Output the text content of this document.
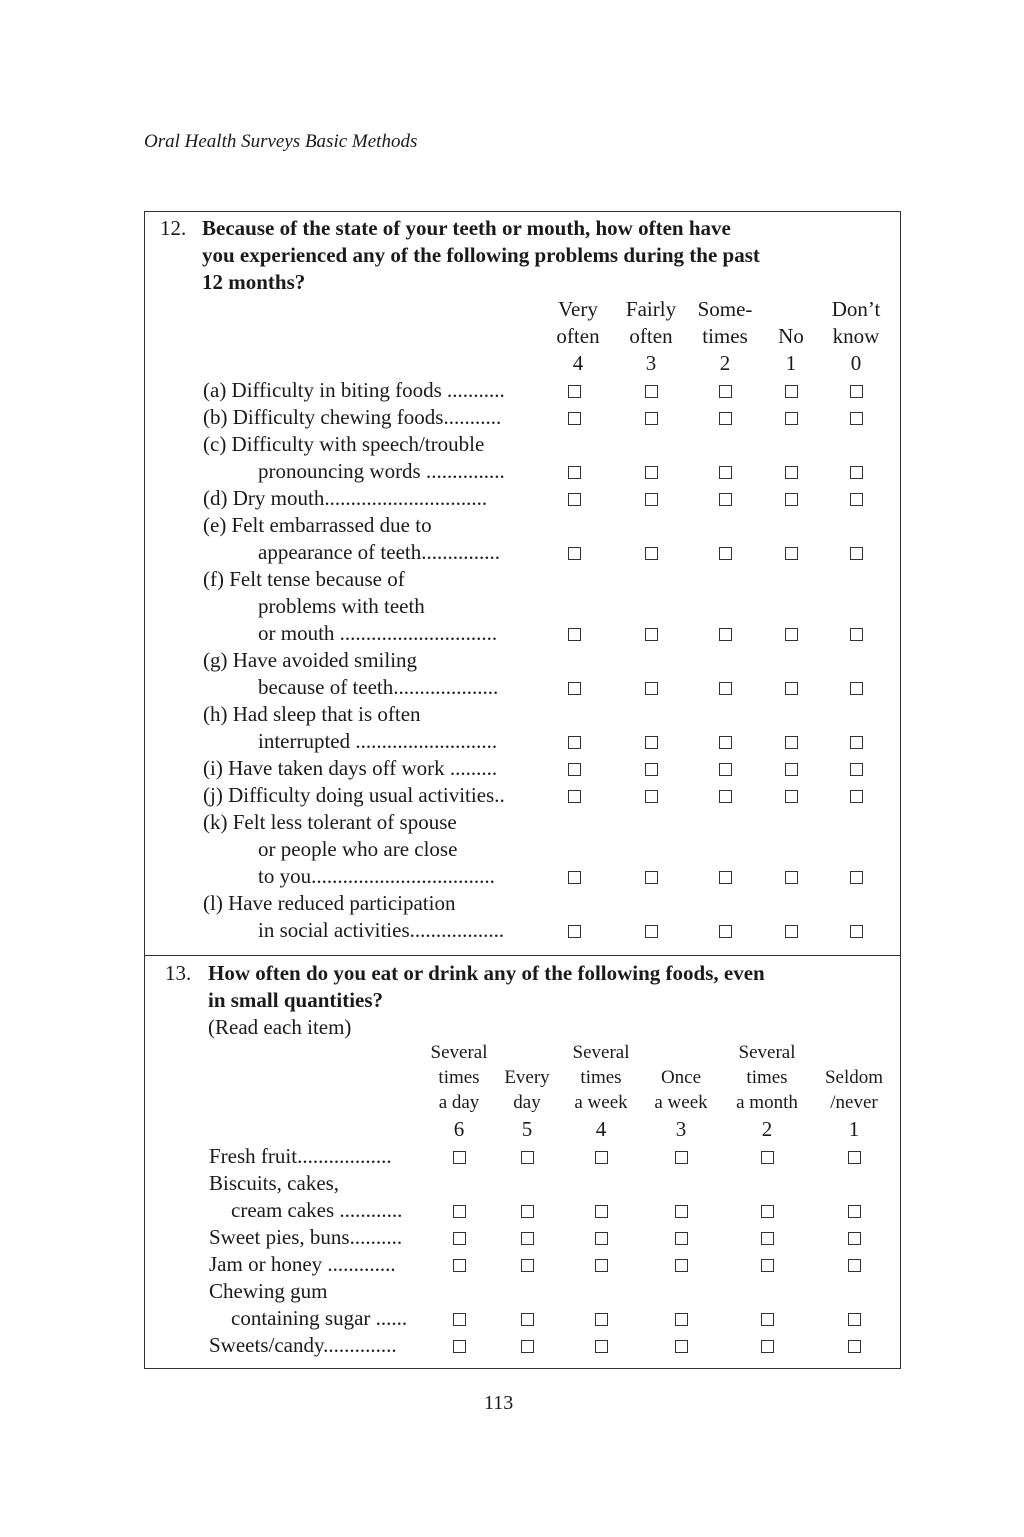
Oral Health Surveys Basic Methods
12. Because of the state of your teeth or mouth, how often have
you experienced any of the following problems during the past
12 months?
Very
often
4
Fairly
often
3
Some-
times
2
No
1
Don’t
know
0
(a) Difficulty in biting foods ...........
(b) Difficulty chewing foods...........
(c) Difficulty with speech/trouble
pronouncing words ...............
(d) Dry mouth...............................
(e) Felt embarrassed due to
appearance of teeth...............
(f) Felt tense because of
problems with teeth
or mouth ..............................
(g) Have avoided smiling
because of teeth....................
(h) Had sleep that is often
interrupted ...........................
(i) Have taken days off work .........
(j) Difficulty doing usual activities..
(k) Felt less tolerant of spouse
or people who are close
to you...................................
(l) Have reduced participation
in social activities..................
13. How often do you eat or drink any of the following foods, even
in small quantities?
(Read each item)
Several
times
a day
6
Every
day
5
Several
times
a week
4
Once
a week
3
Several
times
a month
2
Seldom
/never
1
Fresh fruit..................
Biscuits, cakes,
cream cakes ............
Sweet pies, buns..........
Jam or honey .............
Chewing gum
containing sugar ......
Sweets/candy..............
113
